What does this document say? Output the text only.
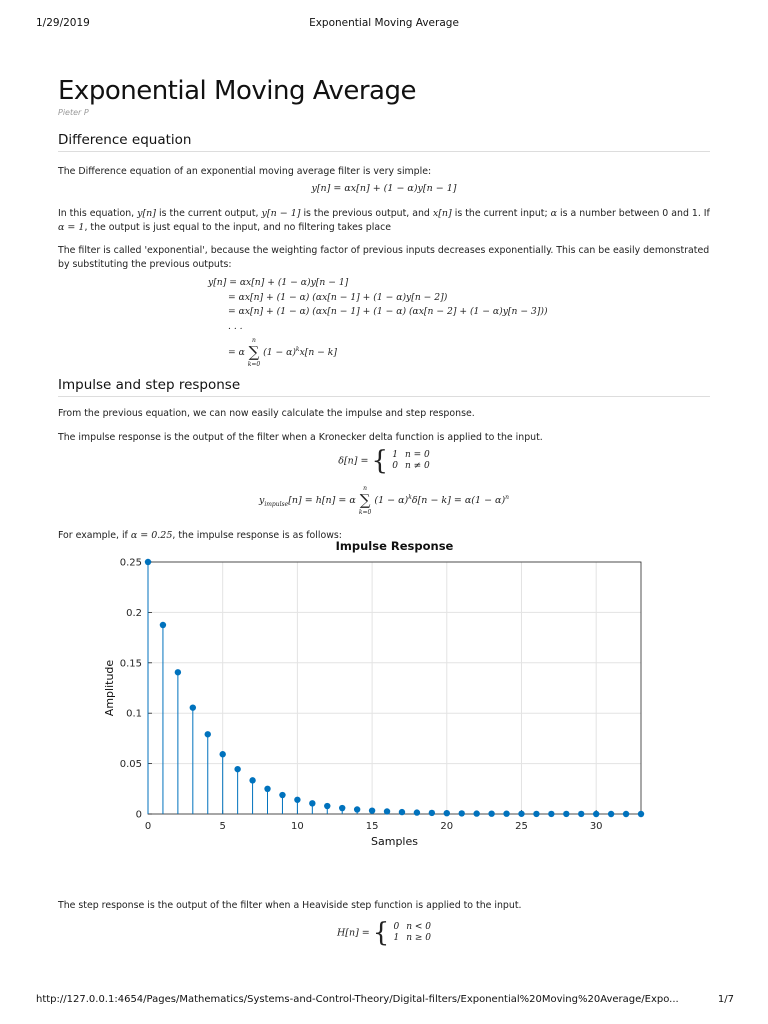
1/29/2019	Exponential Moving Average
Exponential Moving Average
Pieter P
Difference equation

The Difference equation of an exponential moving average filter is very simple:

y[n] = αx[n] + (1 − α)y[n − 1]

In this equation, y[n] is the current output, y[n − 1] is the previous output, and x[n] is the current input; α is a number between 0 and 1. If
α = 1, the output is just equal to the input, and no filtering takes place

The filter is called 'exponential', because the weighting factor of previous inputs decreases exponentially. This can be easily demonstrated by substituting the previous outputs:

y[n] = αx[n] + (1 − α)y[n − 1]
= αx[n] + (1 − α) (αx[n − 1] + (1 − α)y[n − 2])
= αx[n] + (1 − α) (αx[n − 1] + (1 − α) (αx[n − 2] + (1 − α)y[n − 3]))
. . .
= α n
∑
k=0 $(1 - \alpha)^kx[n - k]$
Impulse and step response

From the previous equation, we can now easily calculate the impulse and step response.

The impulse response is the output of the filter when a Kronecker delta function is applied to the input.

δ[n] = { 1 n = 0
0 n ≠ 0
$y_{impulse}[n] = h[n] = \alpha$ n
∑
k=0 $(1 - \alpha)^k\delta[n - k] = \alpha(1 - \alpha)^n$

For example, if α = 0.25, the impulse response is as follows:

The step response is the output of the filter when a Heaviside step function is applied to the input.

H[n] = { 0 n < 0
1 n ≥ 0
Impulse Response
0	5	10	15	20	25	30
0
0.05
0.1
0.15
0.2
0.25
Samples
Amplitude
http://127.0.0.1:4654/Pages/Mathematics/Systems-and-Control-Theory/Digital-filters/Exponential%20Moving%20Average/Expo...	1/7
